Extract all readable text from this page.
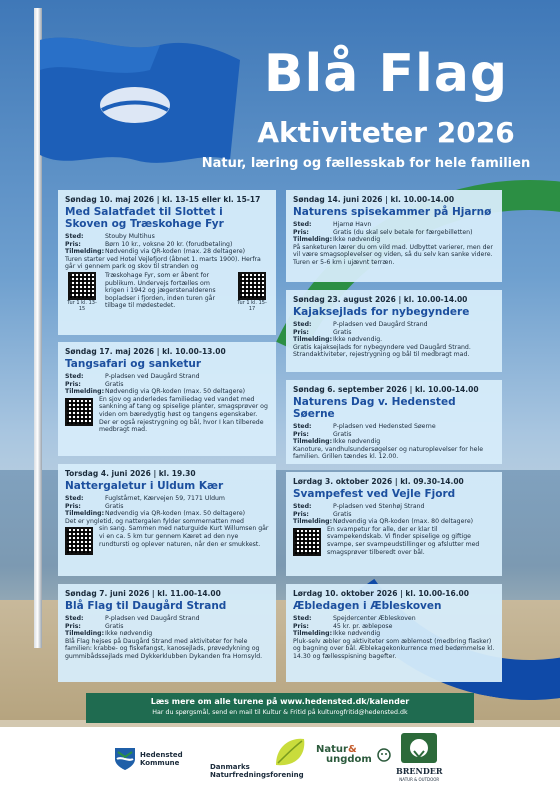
Blå Flag
Aktiviteter 2026
Natur, læring og fællesskab for hele familien
Søndag 10. maj 2026 | kl. 13-15 eller kl. 15-17
Med Salatfadet til Slottet i Skoven og Træskohage Fyr
Sted:	Stouby Multihus
Pris:	Børn 10 kr., voksne 20 kr. (forudbetaling)
Tilmelding: Nødvendig via QR-koden (max. 28 deltagere)
Turen starter ved Hotel Vejlefjord (åbnet 1. marts 1900). Herfra går vi gennem park og skov til stranden og
Tur 1 kl. 13-15
Træskohage Fyr, som er åbent for publikum. Undervejs fortælles om krigen i 1942 og jægerstenalderens bopladser i fjorden, inden turen går tilbage til mødestedet.	Tur 1 kl. 15-17
Søndag 14. juni 2026 | kl. 10.00-14.00
Naturens spisekammer på Hjarnø
Sted:	Hjarnø Havn
Pris:	Gratis (du skal selv betale for færgebilletten)
Tilmelding: Ikke nødvendig
På sanketuren lærer du om vild mad. Udbyttet varierer, men der vil være smagsoplevelser og viden, så du selv kan sanke videre. Turen er 5-6 km i ujævnt terræn.
Søndag 23. august 2026 | kl. 10.00-14.00
Kajaksejlads for nybegyndere
Sted:	P-pladsen ved Daugård Strand
Pris:	Gratis
Tilmelding: Ikke nødvendig.
Gratis kajaksejlads for nybegyndere ved Daugård Strand. Strandaktiviteter, rejestrygning og bål til medbragt mad.
Søndag 17. maj 2026 | kl. 10.00-13.00
Tangsafari og sanketur
Sted:	P-pladsen ved Daugård Strand
Pris:	Gratis
Tilmelding: Nødvendig via QR-koden (max. 50 deltagere)
En sjov og anderledes familiedag ved vandet med sankning af tang og spiselige planter, smagsprøver og viden om bæredygtig høst og tangens egenskaber. Der er også rejestrygning og bål, hvor I kan tilberede medbragt mad.
Søndag 6. september 2026 | kl. 10.00-14.00
Naturens Dag v. Hedensted Søerne
Sted:	P-pladsen ved Hedensted Søerne
Pris:	Gratis
Tilmelding: Ikke nødvendig
Kanoture, vandhulsundersøgelser og naturoplevelser for hele familien. Grillen tændes kl. 12.00.
Torsdag 4. juni 2026 | kl. 19.30
Nattergaletur i Uldum Kær
Sted:	Fuglstårnet, Kærvejen 59, 7171 Uldum
Pris:	Gratis
Tilmelding: Nødvendig via QR-koden (max. 50 deltagere)
Det er yngletid, og nattergalen fylder sommernatten med
sin sang. Sammen med naturguide Kurt Willumsen går vi en ca. 5 km tur gennem Kæret ad den nye rundtursti og oplever naturen, når den er smukkest.
Lørdag 3. oktober 2026 | kl. 09.30-14.00
Svampefest ved Vejle Fjord
Sted:	P-pladsen ved Stenhøj Strand
Pris:	Gratis
Tilmelding: Nødvendig via QR-koden (max. 80 deltagere)
En svampetur for alle, der er klar til svampekendskab. Vi finder spiselige og giftige svampe, ser svampeudstillinger og afslutter med smagsprøver tilberedt over bål.
Søndag 7. juni 2026 | kl. 11.00-14.00
Blå Flag til Daugård Strand
Sted:	P-pladsen ved Daugård Strand
Pris:	Gratis
Tilmelding: Ikke nødvendig
Blå Flag hejses på Daugård Strand med aktiviteter for hele familien: krabbe- og fiskefangst, kanosejlads, prøvedykning og gummibådssejlads med Dykkerklubben Dykanden fra Hornsyld.
Lørdag 10. oktober 2026 | kl. 10.00-16.00
Æbledagen i Æbleskoven
Sted:	Spejdercenter Æbleskoven
Pris:	45 kr. pr. æblepose
Tilmelding: Ikke nødvendig
Pluk-selv æbler og aktiviteter som æblemost (medbring flasker) og bagning over bål. Æblekagekonkurrence med bedømmelse kl. 14.30 og fællesspisning bagefter.
Læs mere om alle turene på www.hedensted.dk/kalender
Har du spørgsmål, send en mail til Kultur & Fritid på kulturogfritid@hedensted.dk
Hedensted Kommune	Danmarks Naturfredningsforening
Natur&
ungdom
BRENDER
NATUR & OUTDOOR
